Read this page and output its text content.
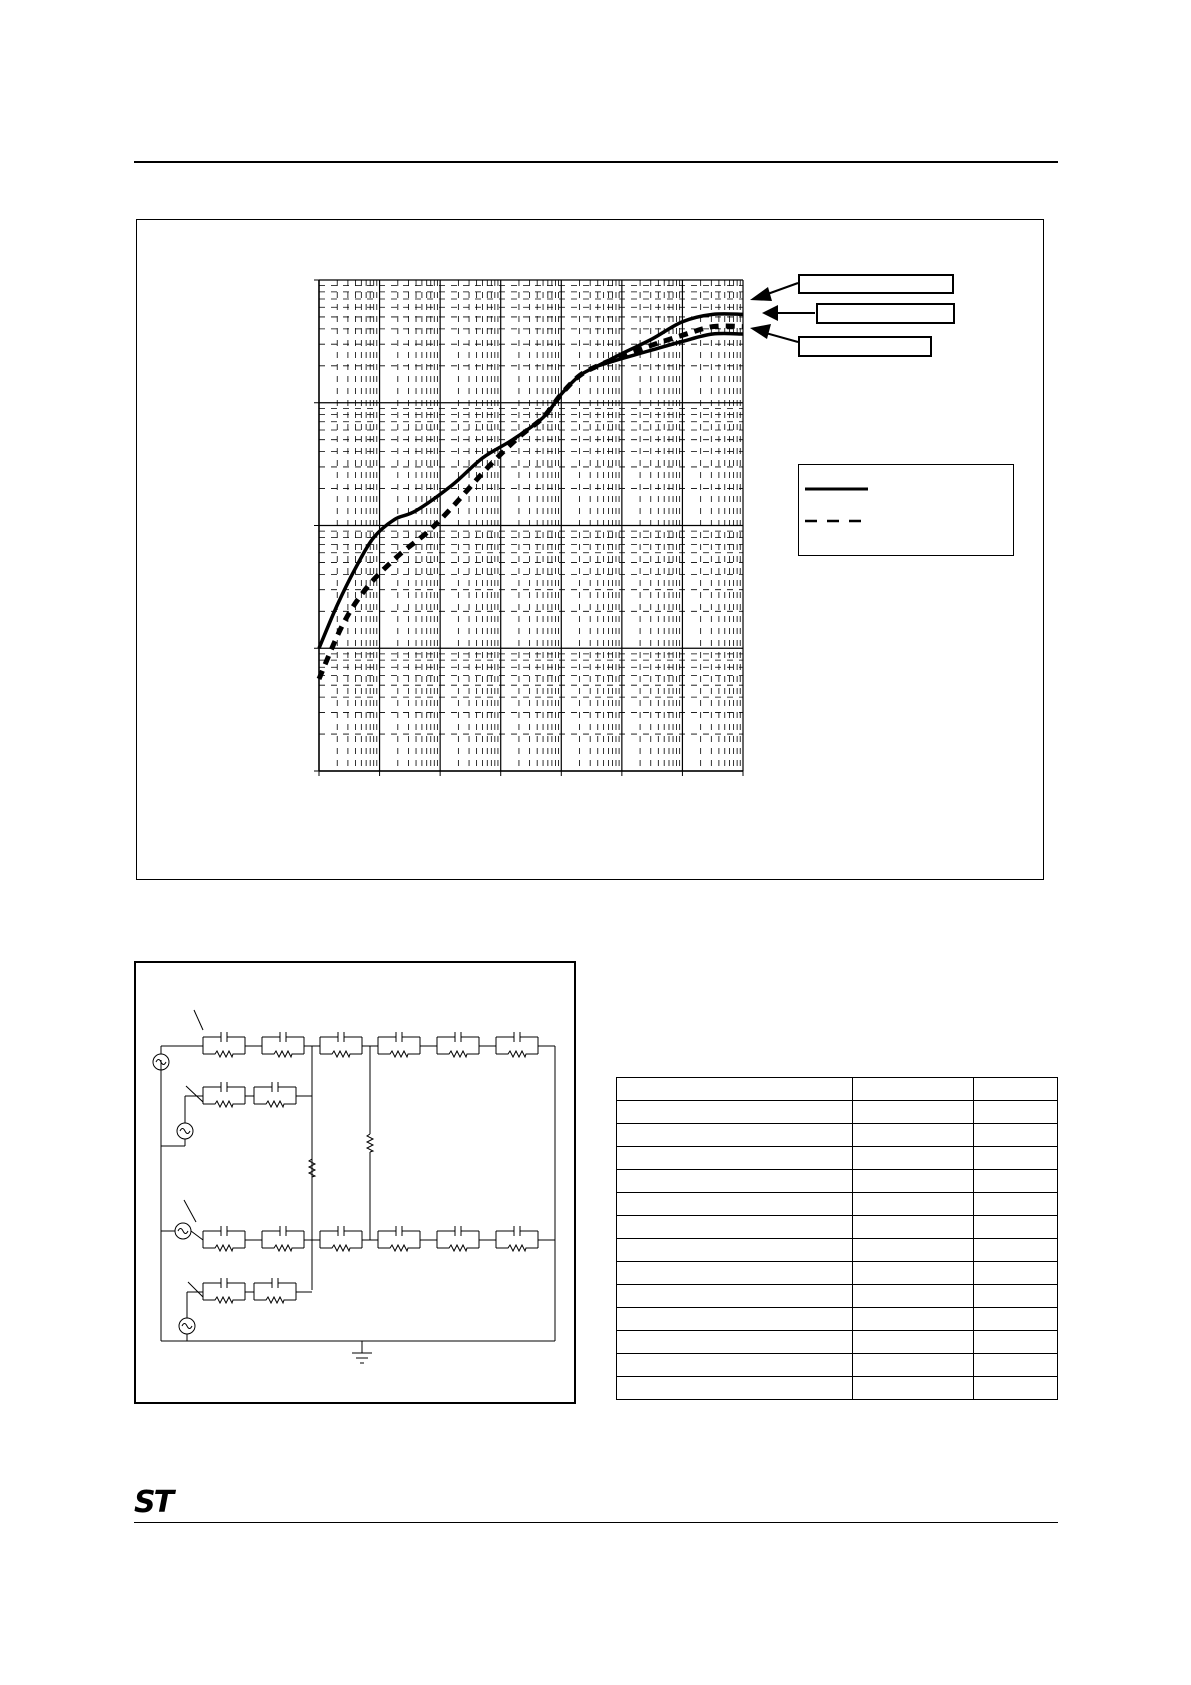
ST
